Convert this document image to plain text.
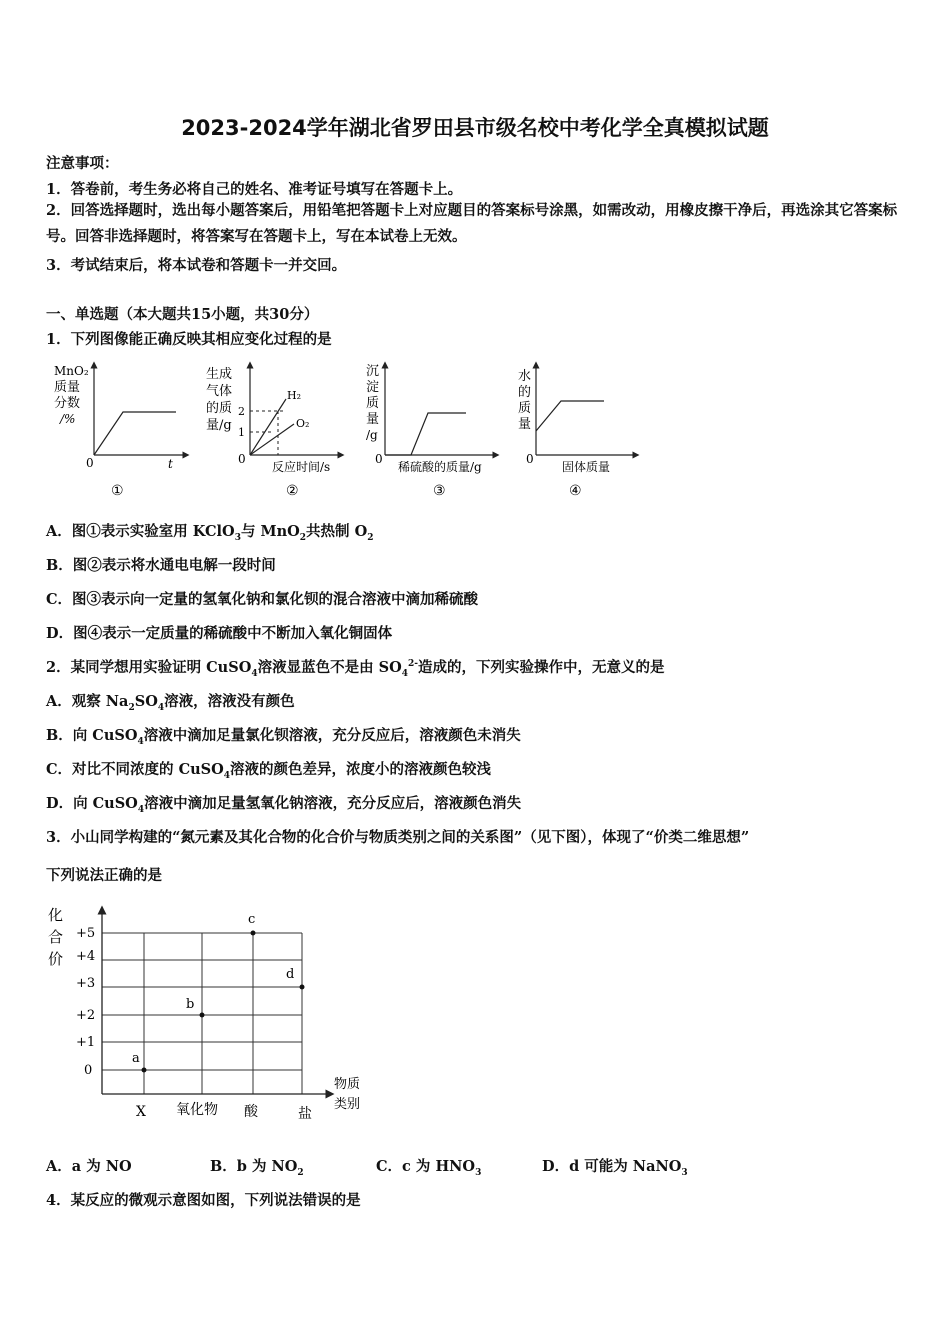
2023-2024学年湖北省罗田县市级名校中考化学全真模拟试题
注意事项：
1．答卷前，考生务必将自己的姓名、准考证号填写在答题卡上。
2．回答选择题时，选出每小题答案后，用铅笔把答题卡上对应题目的答案标号涂黑，如需改动，用橡皮擦干净后，再选涂其它答案标号。回答非选择题时，将答案写在答题卡上，写在本试卷上无效。
3．考试结束后，将本试卷和答题卡一并交回。
一、单选题（本大题共15小题，共30分）
1．下列图像能正确反映其相应变化过程的是
MnO₂
质量
分数
/%
0	t
①
生成
气体
的质
量/g
2
1
H₂
O₂
0
反应时间/s
②
沉
淀
质
量
/g
0
稀硫酸的质量/g
③
水
的
质
量
0
固体质量
④
A．图①表示实验室用 KClO$_3$与 MnO$_2$共热制 $O_2$
B．图②表示将水通电电解一段时间
C．图③表示向一定量的氢氧化钠和氯化钡的混合溶液中滴加稀硫酸
D．图④表示一定质量的稀硫酸中不断加入氧化铜固体
2．某同学想用实验证明 CuSO$_4$溶液显蓝色不是由 $SO_4^{2-}$造成的，下列实验操作中，无意义的是
A．观察 $Na_2SO_4$溶液，溶液没有颜色
B．向 CuSO$_4$溶液中滴加足量氯化钡溶液，充分反应后，溶液颜色未消失
C．对比不同浓度的 CuSO$_4$溶液的颜色差异，浓度小的溶液颜色较浅
D．向 CuSO$_4$溶液中滴加足量氢氧化钠溶液，充分反应后，溶液颜色消失
3．小山同学构建的“氮元素及其化合物的化合价与物质类别之间的关系图”（见下图），体现了“价类二维思想”
下列说法正确的是
化
合
价
+5
+4
+3
+2
+1
0
X 氧化物 酸	盐
物质
类别
a
b
c
d
A．a 为 NO	B．b 为 $NO_2$	C．c 为 $HNO_3$	D．d 可能为 NaNO$_3$
4．某反应的微观示意图如图，下列说法错误的是
